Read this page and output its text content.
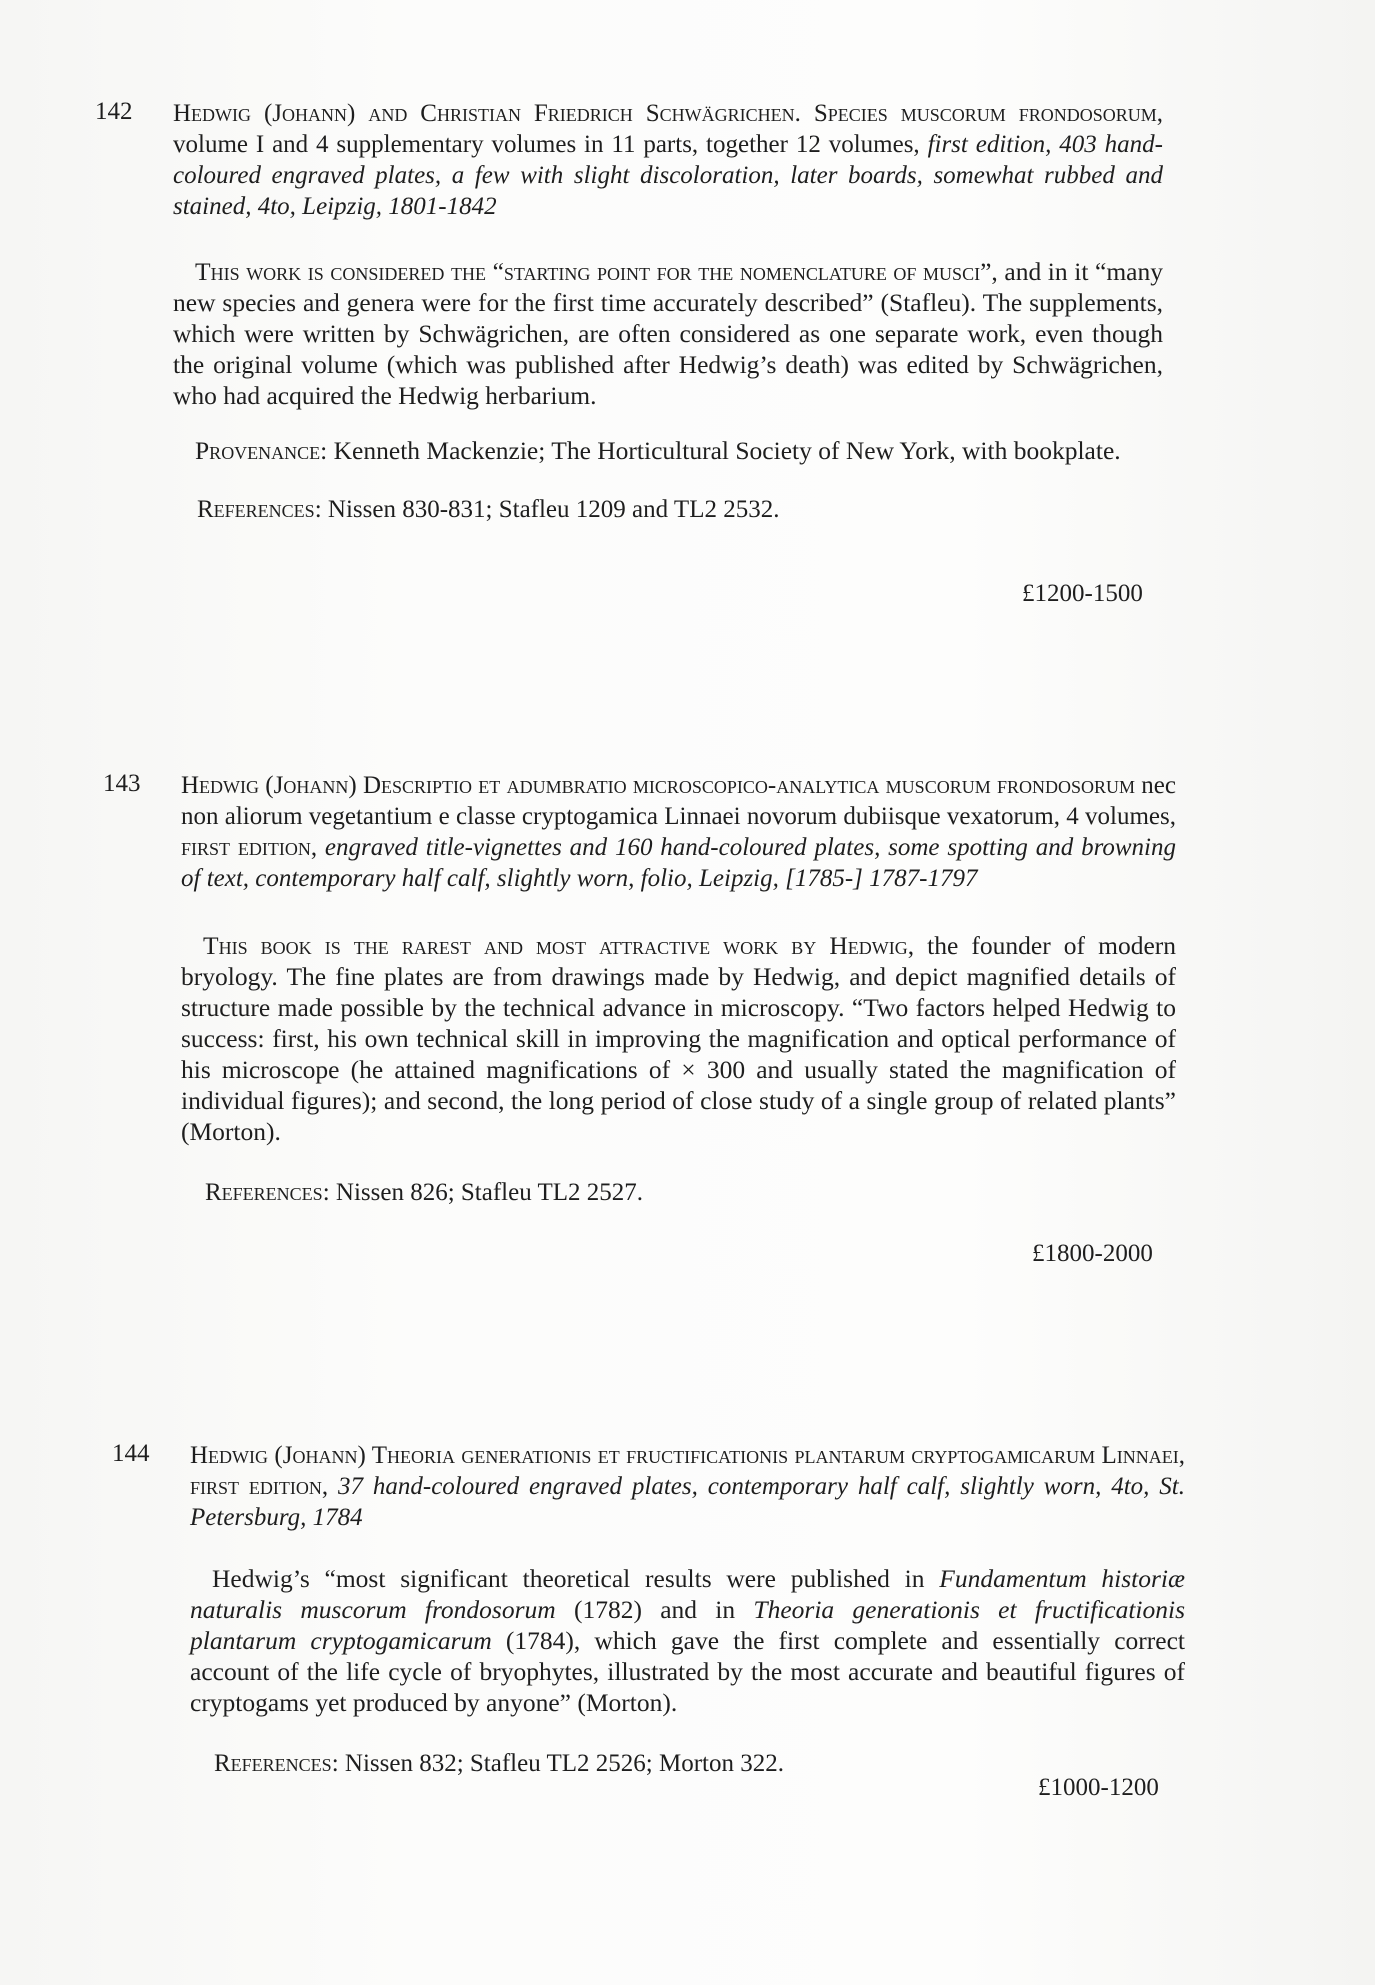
142 Hedwig (Johann) and Christian Friedrich Schwägrichen. Species muscorum frondosorum, volume I and 4 supplementary volumes in 11 parts, together 12 volumes, first edition, 403 hand-coloured engraved plates, a few with slight discoloration, later boards, somewhat rubbed and stained, 4to, Leipzig, 1801-1842
This work is considered the “starting point for the nomenclature of musci”, and in it “many new species and genera were for the first time accurately described” (Stafleu). The supplements, which were written by Schwägrichen, are often considered as one separate work, even though the original volume (which was published after Hedwig’s death) was edited by Schwägrichen, who had acquired the Hedwig herbarium.
Provenance: Kenneth Mackenzie; The Horticultural Society of New York, with bookplate.
References: Nissen 830-831; Stafleu 1209 and TL2 2532.
£1200-1500
143 Hedwig (Johann) Descriptio et adumbratio microscopico-analytica muscorum frondosorum nec non aliorum vegetantium e classe cryptogamica Linnaei novorum dubiisque vexatorum, 4 volumes, first edition, engraved title-vignettes and 160 hand-coloured plates, some spotting and browning of text, contemporary half calf, slightly worn, folio, Leipzig, [1785-] 1787-1797
This book is the rarest and most attractive work by Hedwig, the founder of modern bryology. The fine plates are from drawings made by Hedwig, and depict magnified details of structure made possible by the technical advance in microscopy. “Two factors helped Hedwig to success: first, his own technical skill in improving the magnification and optical performance of his microscope (he attained magnifications of × 300 and usually stated the magnification of individual figures); and second, the long period of close study of a single group of related plants” (Morton).
References: Nissen 826; Stafleu TL2 2527.
£1800-2000
144 Hedwig (Johann) Theoria generationis et fructificationis plantarum cryptogamicarum Linnaei, first edition, 37 hand-coloured engraved plates, contemporary half calf, slightly worn, 4to, St. Petersburg, 1784
Hedwig’s “most significant theoretical results were published in Fundamentum historiæ naturalis muscorum frondosorum (1782) and in Theoria generationis et fructificationis plantarum cryptogamicarum (1784), which gave the first complete and essentially correct account of the life cycle of bryophytes, illustrated by the most accurate and beautiful figures of cryptogams yet produced by anyone” (Morton).
References: Nissen 832; Stafleu TL2 2526; Morton 322.
£1000-1200
